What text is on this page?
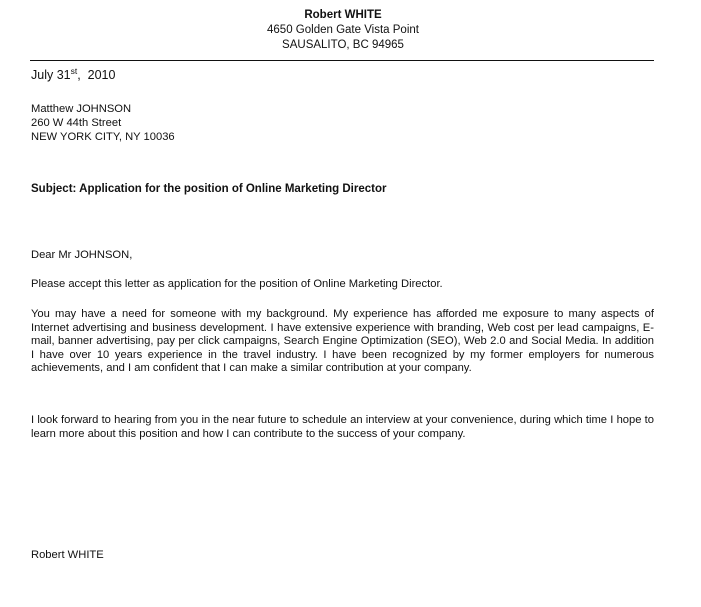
Robert WHITE
4650 Golden Gate Vista Point
SAUSALITO, BC 94965
July 31st,  2010
Matthew JOHNSON
260 W 44th Street
NEW YORK CITY, NY 10036
Subject: Application for the position of Online Marketing Director
Dear Mr JOHNSON,
Please accept this letter as application for the position of Online Marketing Director.
You may have a need for someone with my background. My experience has afforded me exposure to many aspects of Internet advertising and business development. I have extensive experience with branding, Web cost per lead campaigns, E-mail, banner advertising, pay per click campaigns, Search Engine Optimization (SEO), Web 2.0 and Social Media. In addition I have over 10 years experience in the travel industry. I have been recognized by my former employers for numerous achievements, and I am confident that I can make a similar contribution at your company.
I look forward to hearing from you in the near future to schedule an interview at your convenience, during which time I hope to learn more about this position and how I can contribute to the success of your company.
Robert WHITE
